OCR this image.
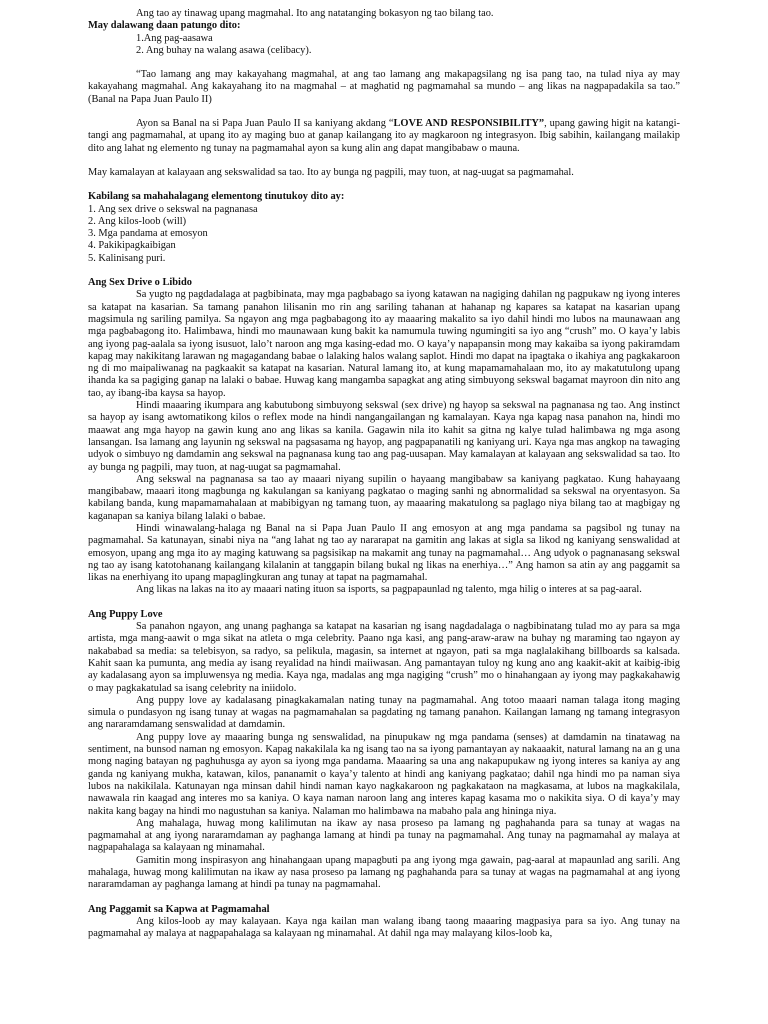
Ang tao ay tinawag upang magmahal. Ito ang natatanging bokasyon ng tao bilang tao.

May dalawang daan patungo dito:

1.Ang pag-aasawa

2. Ang buhay na walang asawa (celibacy).

“Tao lamang ang may kakayahang magmahal, at ang tao lamang ang makapagsilang ng isa pang tao, na tulad niya ay may kakayahang magmahal. Ang kakayahang ito na magmahal – at maghatid ng pagmamahal sa mundo – ang likas na nagpapadakila sa tao.” (Banal na Papa Juan Paulo II)

Ayon sa Banal na si Papa Juan Paulo II sa kaniyang akdang “LOVE AND RESPONSIBILITY”, upang gawing higit na katangi-tangi ang pagmamahal, at upang ito ay maging buo at ganap kailangang ito ay magkaroon ng integrasyon. Ibig sabihin, kailangang mailakip dito ang lahat ng elemento ng tunay na pagmamahal ayon sa kung alin ang dapat mangibabaw o mauna.

May kamalayan at kalayaan ang sekswalidad sa tao. Ito ay bunga ng pagpili, may tuon, at nag-uugat sa pagmamahal.

Kabilang sa mahahalagang elementong tinutukoy dito ay:

1. Ang sex drive o sekswal na pagnanasa

2. Ang kilos-loob (will)

3. Mga pandama at emosyon

4. Pakikipagkaibigan

5. Kalinisang puri.

Ang Sex Drive o Libido

Sa yugto ng pagdadalaga at pagbibinata, may mga pagbabago sa iyong katawan na nagiging dahilan ng pagpukaw ng iyong interes sa katapat na kasarian. Sa tamang panahon lilisanin mo rin ang sariling tahanan at hahanap ng kapares sa katapat na kasarian upang magsimula ng sariling pamilya. Sa ngayon ang mga pagbabagong ito ay maaaring makalito sa iyo dahil hindi mo lubos na maunawaan ang mga pagbabagong ito. Halimbawa, hindi mo maunawaan kung bakit ka namumula tuwing ngumingiti sa iyo ang “crush” mo. O kaya’y labis ang iyong pag-aalala sa iyong isusuot, lalo’t naroon ang mga kasing-edad mo. O kaya’y napapansin mong may kakaiba sa iyong pakiramdam kapag may nakikitang larawan ng magagandang babae o lalaking halos walang saplot. Hindi mo dapat na ipagtaka o ikahiya ang pagkakaroon ng di mo maipaliwanag na pagkaakit sa katapat na kasarian. Natural lamang ito, at kung mapamamahalaan mo, ito ay makatutulong upang ihanda ka sa pagiging ganap na lalaki o babae. Huwag kang mangamba sapagkat ang ating simbuyong sekswal bagamat mayroon din nito ang tao, ay ibang-iba kaysa sa hayop.

Hindi maaaring ikumpara ang kabutubong simbuyong sekswal (sex drive) ng hayop sa sekswal na pagnanasa ng tao. Ang instinct sa hayop ay isang awtomatikong kilos o reflex mode na hindi nangangailangan ng kamalayan. Kaya nga kapag nasa panahon na, hindi mo maawat ang mga hayop na gawin kung ano ang likas sa kanila. Gagawin nila ito kahit sa gitna ng kalye tulad halimbawa ng mga asong lansangan. Isa lamang ang layunin ng sekswal na pagsasama ng hayop, ang pagpapanatili ng kaniyang uri. Kaya nga mas angkop na tawaging udyok o simbuyo ng damdamin ang sekswal na pagnanasa kung tao ang pag-uusapan. May kamalayan at kalayaan ang sekswalidad sa tao. Ito ay bunga ng pagpili, may tuon, at nag-uugat sa pagmamahal.

Ang sekswal na pagnanasa sa tao ay maaari niyang supilin o hayaang mangibabaw sa kaniyang pagkatao. Kung hahayaang mangibabaw, maaari itong magbunga ng kakulangan sa kaniyang pagkatao o maging sanhi ng abnormalidad sa sekswal na oryentasyon. Sa kabilang banda, kung mapamamahalaan at mabibigyan ng tamang tuon, ay maaaring makatulong sa paglago niya bilang tao at magbigay ng kaganapan sa kaniya bilang lalaki o babae.

Hindi winawalang-halaga ng Banal na si Papa Juan Paulo II ang emosyon at ang mga pandama sa pagsibol ng tunay na pagmamahal. Sa katunayan, sinabi niya na “ang lahat ng tao ay nararapat na gamitin ang lakas at sigla sa likod ng kaniyang senswalidad at emosyon, upang ang mga ito ay maging katuwang sa pagsisikap na makamit ang tunay na pagmamahal… Ang udyok o pagnanasang sekswal ng tao ay isang katotohanang kailangang kilalanin at tanggapin bilang bukal ng likas na enerhiya…” Ang hamon sa atin ay ang paggamit sa likas na enerhiyang ito upang mapaglingkuran ang tunay at tapat na pagmamahal.

Ang likas na lakas na ito ay maaari nating ituon sa isports, sa pagpapaunlad ng talento, mga hilig o interes at sa pag-aaral.

Ang Puppy Love

Sa panahon ngayon, ang unang paghanga sa katapat na kasarian ng isang nagdadalaga o nagbibinatang tulad mo ay para sa mga artista, mga mang-aawit o mga sikat na atleta o mga celebrity. Paano nga kasi, ang pang-araw-araw na buhay ng maraming tao ngayon ay nakababad sa media: sa telebisyon, sa radyo, sa pelikula, magasin, sa internet at ngayon, pati sa mga naglalakihang billboards sa kalsada. Kahit saan ka pumunta, ang media ay isang reyalidad na hindi maiiwasan. Ang pamantayan tuloy ng kung ano ang kaakit-akit at kaibig-ibig ay kadalasang ayon sa impluwensya ng media. Kaya nga, madalas ang mga nagiging “crush” mo o hinahangaan ay iyong may pagkakahawig o may pagkakatulad sa isang celebrity na iniidolo.

Ang puppy love ay kadalasang pinagkakamalan nating tunay na pagmamahal. Ang totoo maaari naman talaga itong maging simula o pundasyon ng isang tunay at wagas na pagmamahalan sa pagdating ng tamang panahon. Kailangan lamang ng tamang integrasyon ang nararamdamang senswalidad at damdamin.

Ang puppy love ay maaaring bunga ng senswalidad, na pinupukaw ng mga pandama (senses) at damdamin na tinatawag na sentiment, na bunsod naman ng emosyon. Kapag nakakilala ka ng isang tao na sa iyong pamantayan ay nakaaakit, natural lamang na an g una mong naging batayan ng paghuhusga ay ayon sa iyong mga pandama. Maaaring sa una ang nakapupukaw ng iyong interes sa kaniya ay ang ganda ng kaniyang mukha, katawan, kilos, pananamit o kaya’y talento at hindi ang kaniyang pagkatao; dahil nga hindi mo pa naman siya lubos na nakikilala. Katunayan nga minsan dahil hindi naman kayo nagkakaroon ng pagkakataon na magkasama, at lubos na magkakilala, nawawala rin kaagad ang interes mo sa kaniya. O kaya naman naroon lang ang interes kapag kasama mo o nakikita siya. O di kaya’y may nakita kang bagay na hindi mo nagustuhan sa kaniya. Nalaman mo halimbawa na mabaho pala ang hininga niya.

Ang mahalaga, huwag mong kalilimutan na ikaw ay nasa proseso pa lamang ng paghahanda para sa tunay at wagas na pagmamahal at ang iyong nararamdaman ay paghanga lamang at hindi pa tunay na pagmamahal. Ang tunay na pagmamahal ay malaya at nagpapahalaga sa kalayaan ng minamahal.

Gamitin mong inspirasyon ang hinahangaan upang mapagbuti pa ang iyong mga gawain, pag-aaral at mapaunlad ang sarili. Ang mahalaga, huwag mong kalilimutan na ikaw ay nasa proseso pa lamang ng paghahanda para sa tunay at wagas na pagmamahal at ang iyong nararamdaman ay paghanga lamang at hindi pa tunay na pagmamahal.

Ang Paggamit sa Kapwa at Pagmamahal

Ang kilos-loob ay may kalayaan. Kaya nga kailan man walang ibang taong maaaring magpasiya para sa iyo. Ang tunay na pagmamahal ay malaya at nagpapahalaga sa kalayaan ng minamahal. At dahil nga may malayang kilos-loob ka,
